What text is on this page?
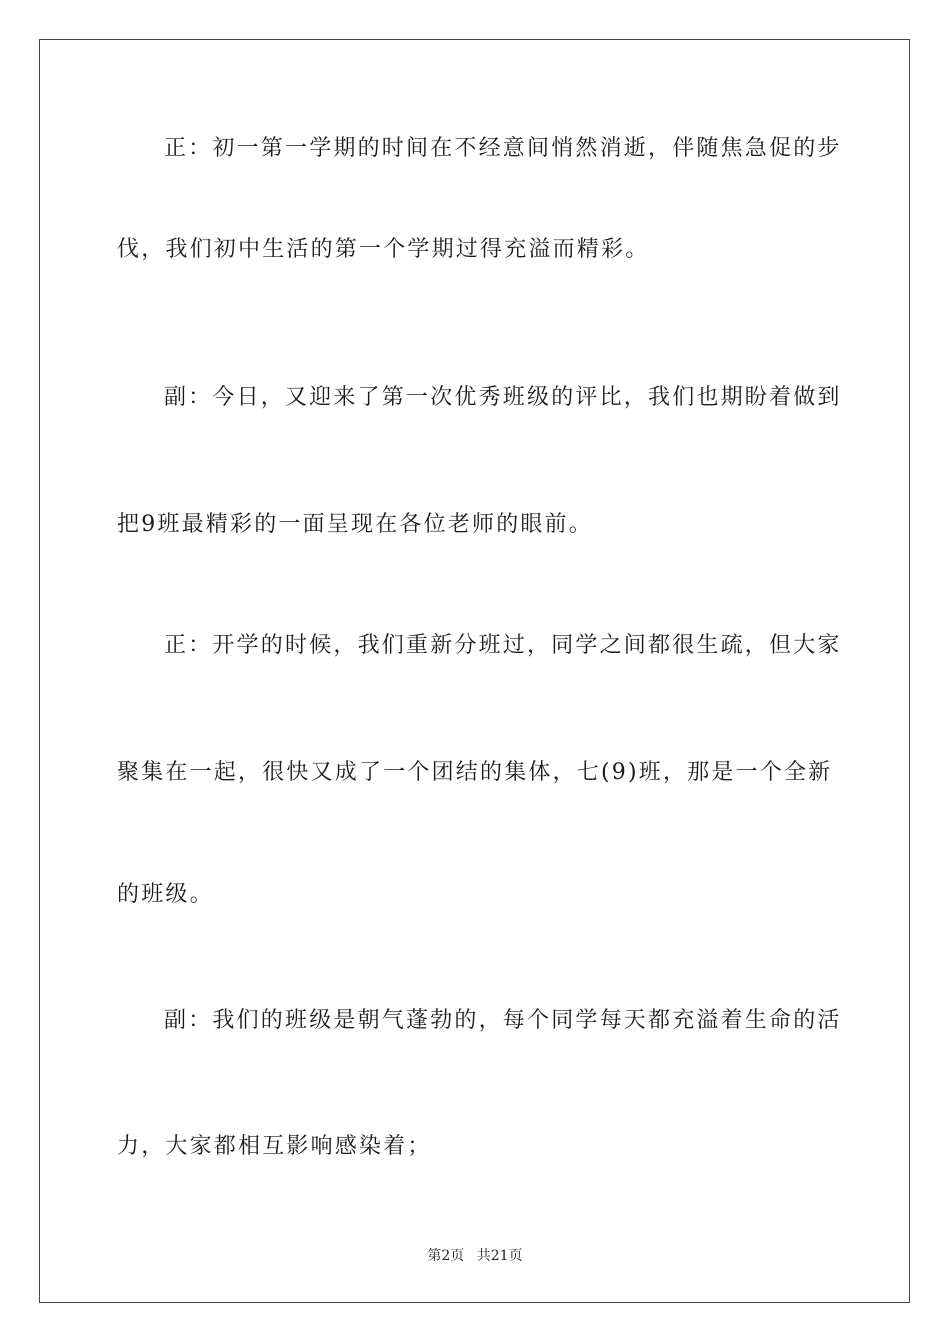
正：初一第一学期的时间在不经意间悄然消逝，伴随焦急促的步
伐，我们初中生活的第一个学期过得充溢而精彩。
副：今日，又迎来了第一次优秀班级的评比，我们也期盼着做到
把9班最精彩的一面呈现在各位老师的眼前。
正：开学的时候，我们重新分班过，同学之间都很生疏，但大家
聚集在一起，很快又成了一个团结的集体，七(9)班，那是一个全新
的班级。
副：我们的班级是朝气蓬勃的，每个同学每天都充溢着生命的活
力，大家都相互影响感染着；
第2页 共21页
